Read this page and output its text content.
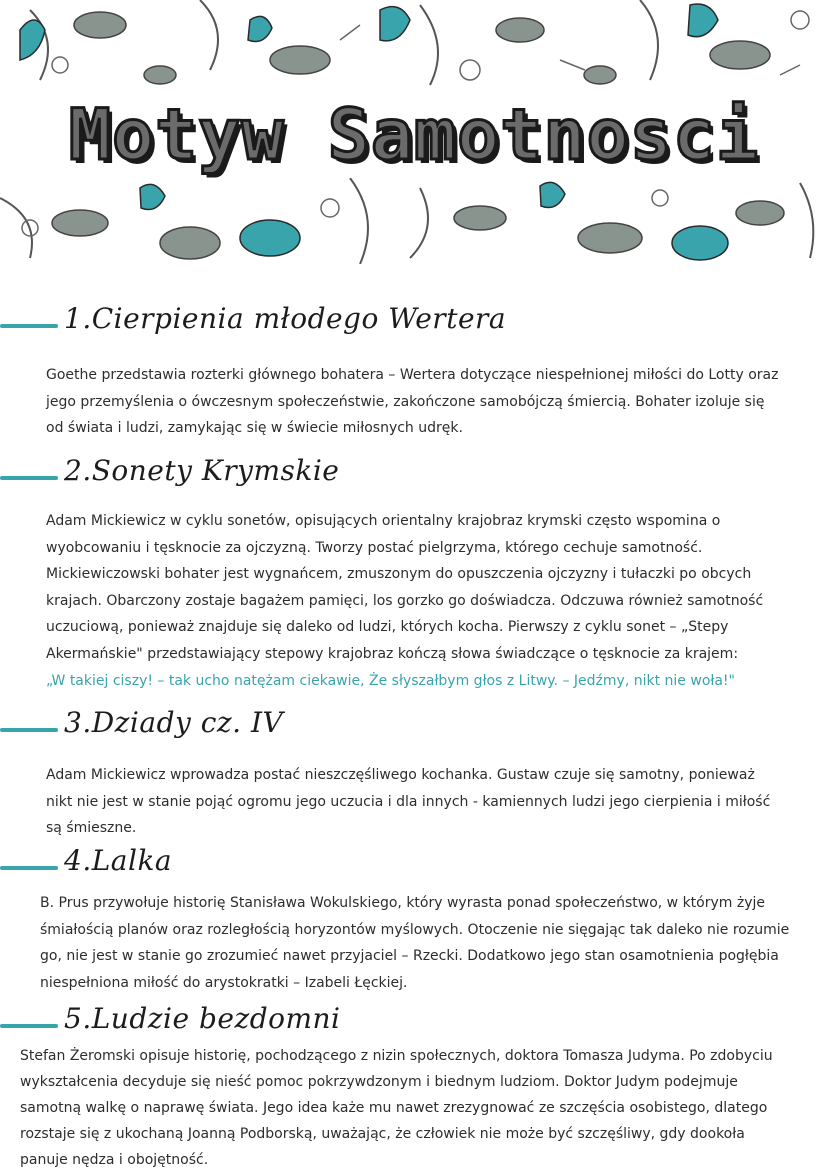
Motyw Samotnosci
1.Cierpienia młodego Wertera

Goethe przedstawia rozterki głównego bohatera – Wertera dotyczące niespełnionej miłości do Lotty oraz jego przemyślenia o ówczesnym społeczeństwie, zakończone samobójczą śmiercią. Bohater izoluje się od świata i ludzi, zamykając się w świecie miłosnych udręk.

2.Sonety Krymskie
Adam Mickiewicz w cyklu sonetów, opisujących orientalny krajobraz krymski często wspomina o wyobcowaniu i tęsknocie za ojczyzną. Tworzy postać pielgrzyma, którego cechuje samotność. Mickiewiczowski bohater jest wygnańcem, zmuszonym do opuszczenia ojczyzny i tułaczki po obcych krajach. Obarczony zostaje bagażem pamięci, los gorzko go doświadcza. Odczuwa również samotność uczuciową, ponieważ znajduje się daleko od ludzi, których kocha. Pierwszy z cyklu sonet – „Stepy Akermańskie" przedstawiający stepowy krajobraz kończą słowa świadczące o tęsknocie za krajem:
„W takiej ciszy! – tak ucho natężam ciekawie, Że słyszałbym głos z Litwy. – Jedźmy, nikt nie woła!"
3.Dziady cz. IV

Adam Mickiewicz wprowadza postać nieszczęśliwego kochanka. Gustaw czuje się samotny, ponieważ nikt nie jest w stanie pojąć ogromu jego uczucia i dla innych - kamiennych ludzi jego cierpienia i miłość są śmieszne.

4.Lalka

B. Prus przywołuje historię Stanisława Wokulskiego, który wyrasta ponad społeczeństwo, w którym żyje śmiałością planów oraz rozległością horyzontów myślowych. Otoczenie nie sięgając tak daleko nie rozumie go, nie jest w stanie go zrozumieć nawet przyjaciel – Rzecki. Dodatkowo jego stan osamotnienia pogłębia niespełniona miłość do arystokratki – Izabeli Łęckiej.

5.Ludzie bezdomni

Stefan Żeromski opisuje historię, pochodzącego z nizin społecznych, doktora Tomasza Judyma. Po zdobyciu wykształcenia decyduje się nieść pomoc pokrzywdzonym i biednym ludziom. Doktor Judym podejmuje samotną walkę o naprawę świata. Jego idea każe mu nawet zrezygnować ze szczęścia osobistego, dlatego rozstaje się z ukochaną Joanną Podborską, uważając, że człowiek nie może być szczęśliwy, gdy dookoła panuje nędza i obojętność.
